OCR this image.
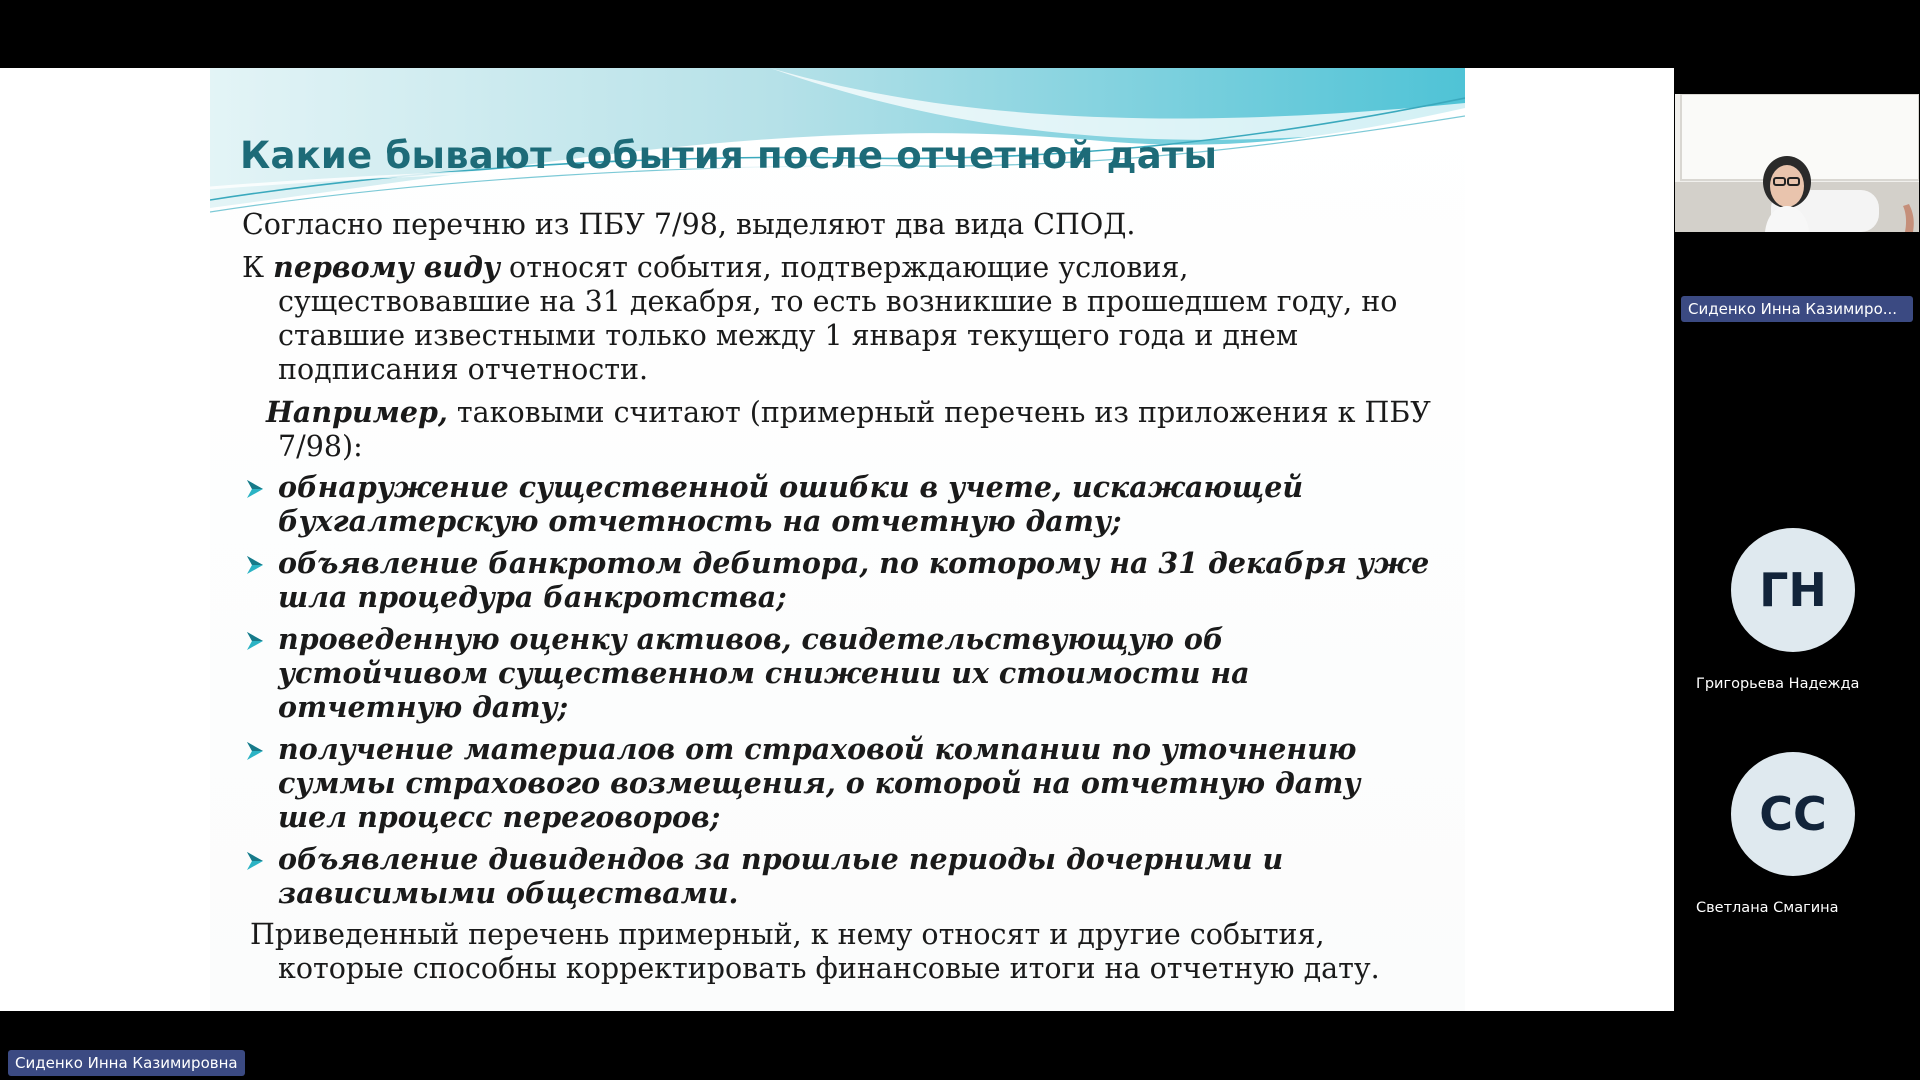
Какие бывают события после отчетной даты

Согласно перечню из ПБУ 7/98, выделяют два вида СПОД.

К первому виду относят события, подтверждающие условия, существовавшие на 31 декабря, то есть возникшие в прошедшем году, но ставшие известными только между 1 января текущего года и днем подписания отчетности.

Например, таковыми считают (примерный перечень из приложения к ПБУ 7/98):

обнаружение существенной ошибки в учете, искажающей бухгалтерскую отчетность на отчетную дату;
объявление банкротом дебитора, по которому на 31 декабря уже шла процедура банкротства;
проведенную оценку активов, свидетельствующую об устойчивом существенном снижении их стоимости на отчетную дату;
получение материалов от страховой компании по уточнению суммы страхового возмещения, о которой на отчетную дату шел процесс переговоров;
объявление дивидендов за прошлые периоды дочерними и зависимыми обществами.

Приведенный перечень примерный, к нему относят и другие события, которые способны корректировать финансовые итоги на отчетную дату.

Сиденко Инна Казимиро...
ГН
Григорьева Надежда
СС
Светлана Смагина
Сиденко Инна Казимировна
